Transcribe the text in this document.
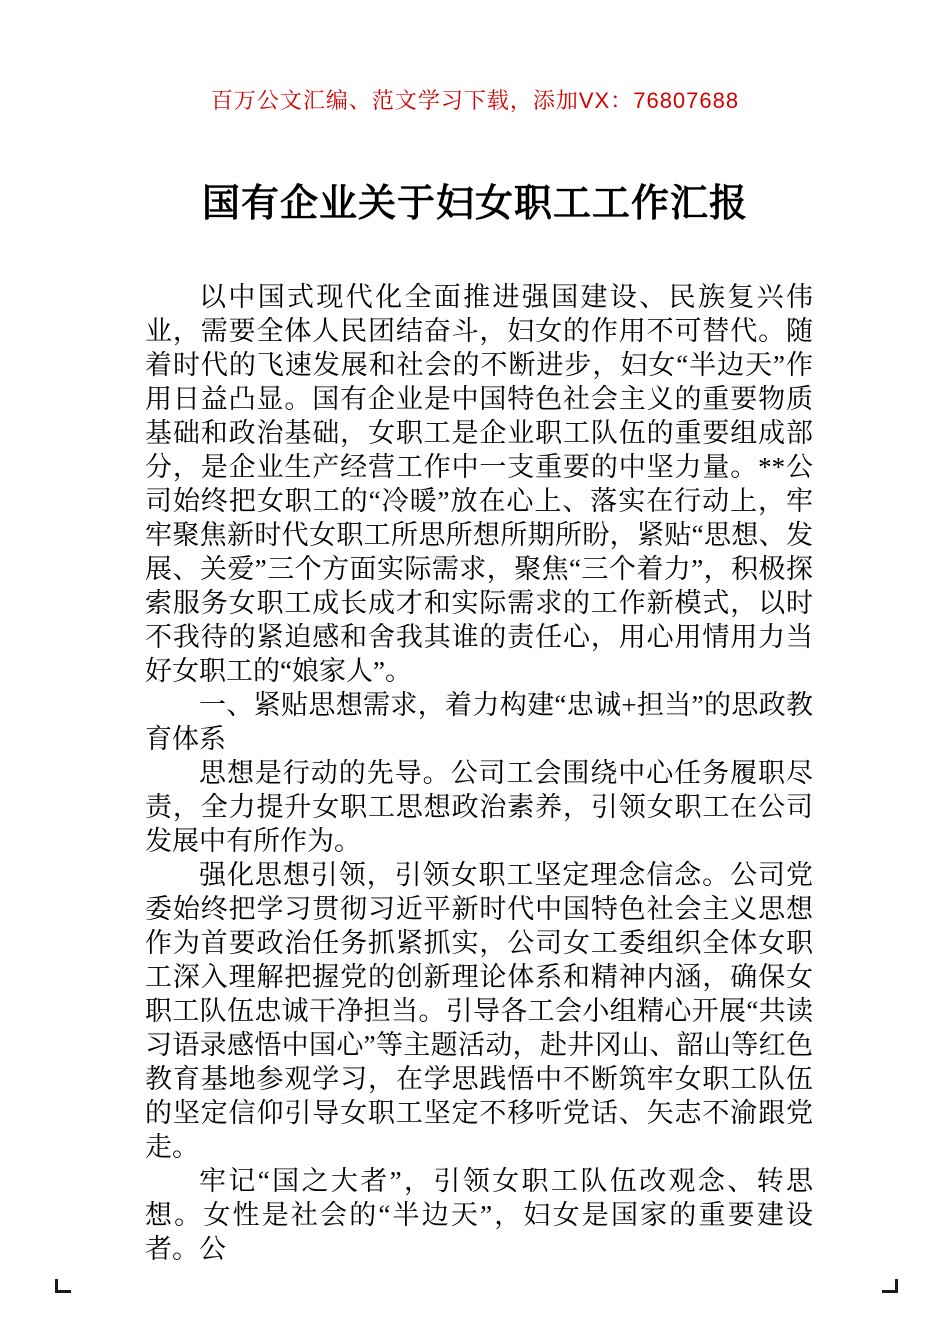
百万公文汇编、范文学习下载，添加VX：76807688
国有企业关于妇女职工工作汇报

以中国式现代化全面推进强国建设、民族复兴伟业，需要全体人民团结奋斗，妇女的作用不可替代。随着时代的飞速发展和社会的不断进步，妇女“半边天”作用日益凸显。国有企业是中国特色社会主义的重要物质基础和政治基础，女职工是企业职工队伍的重要组成部分，是企业生产经营工作中一支重要的中坚力量。**公司始终把女职工的“冷暖”放在心上、落实在行动上，牢牢聚焦新时代女职工所思所想所期所盼，紧贴“思想、发展、关爱”三个方面实际需求，聚焦“三个着力”，积极探索服务女职工成长成才和实际需求的工作新模式，以时不我待的紧迫感和舍我其谁的责任心，用心用情用力当好女职工的“娘家人”。

一、紧贴思想需求，着力构建“忠诚+担当”的思政教育体系

思想是行动的先导。公司工会围绕中心任务履职尽责，全力提升女职工思想政治素养，引领女职工在公司发展中有所作为。

强化思想引领，引领女职工坚定理念信念。公司党委始终把学习贯彻习近平新时代中国特色社会主义思想作为首要政治任务抓紧抓实，公司女工委组织全体女职工深入理解把握党的创新理论体系和精神内涵，确保女职工队伍忠诚干净担当。引导各工会小组精心开展“共读习语录感悟中国心”等主题活动，赴井冈山、韶山等红色教育基地参观学习，在学思践悟中不断筑牢女职工队伍的坚定信仰引导女职工坚定不移听党话、矢志不渝跟党走。

牢记“国之大者”，引领女职工队伍改观念、转思想。女性是社会的“半边天”，妇女是国家的重要建设者。公
